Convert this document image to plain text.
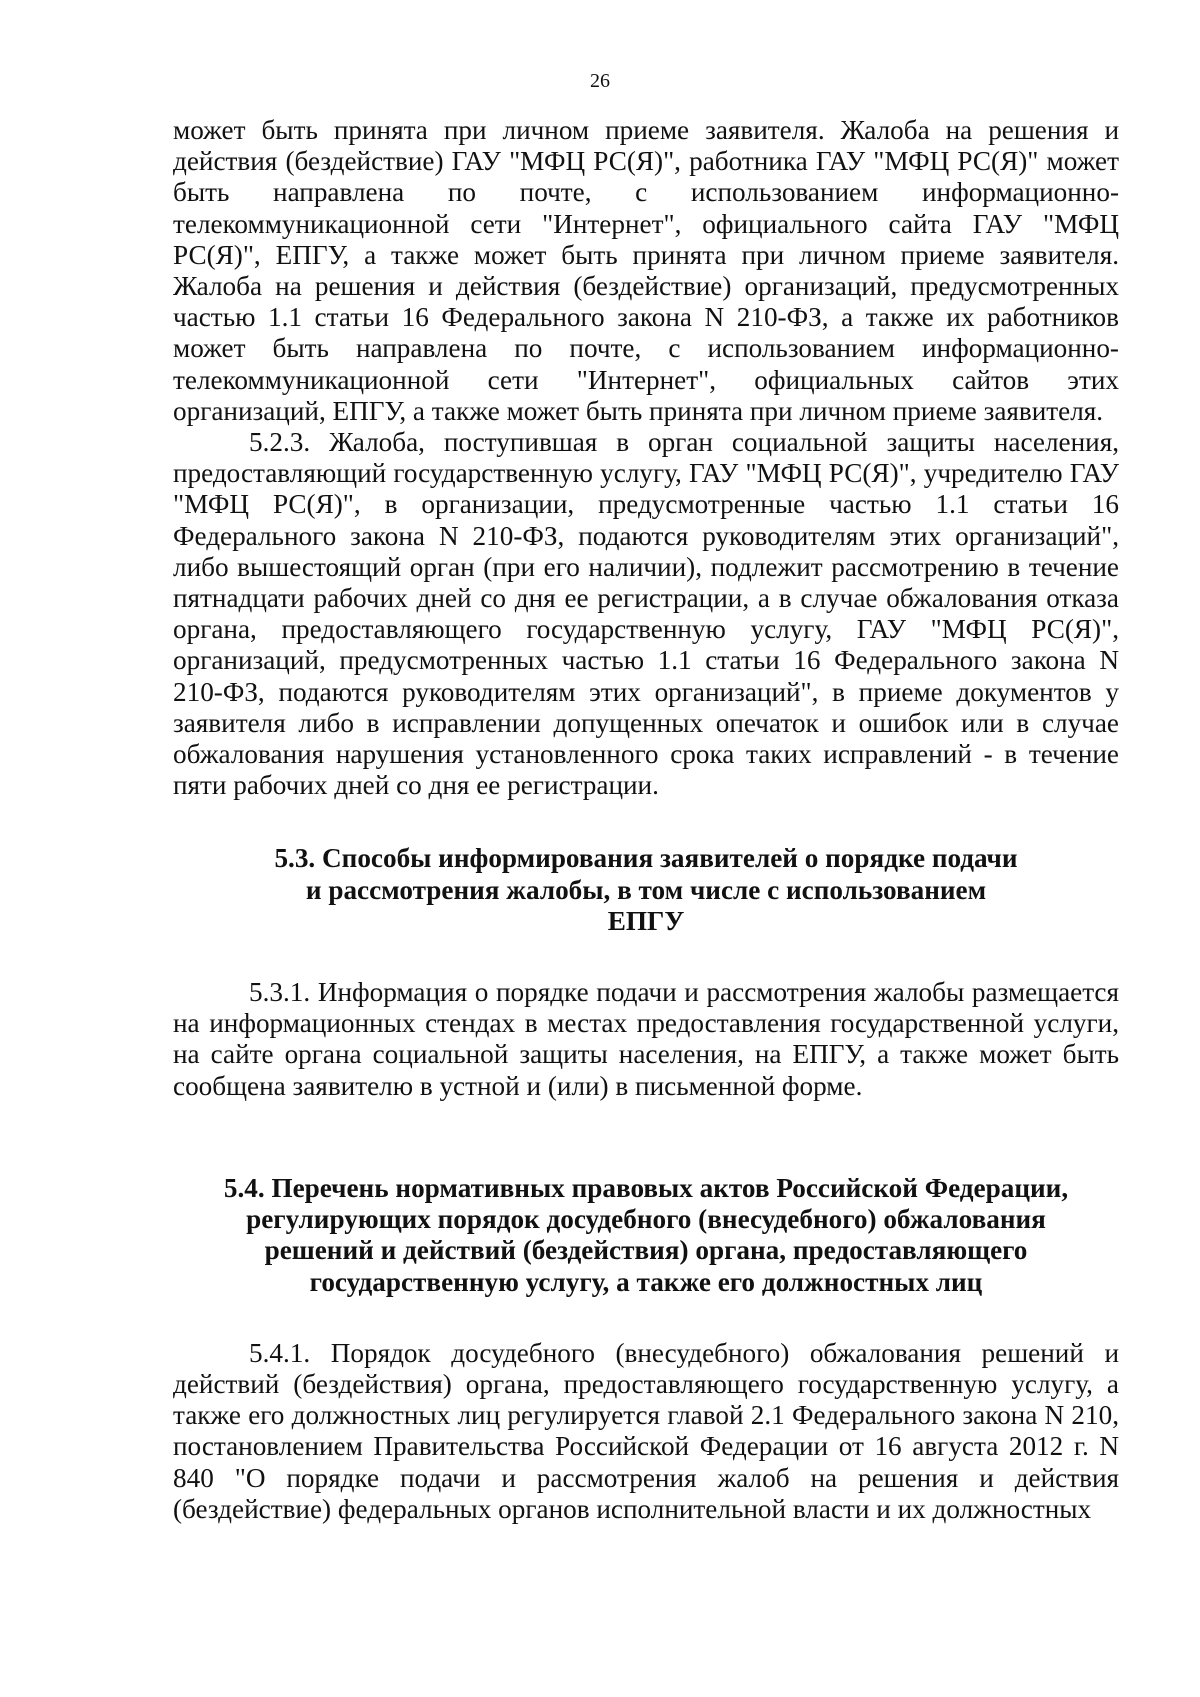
26

может быть принята при личном приеме заявителя. Жалоба на решения и действия (бездействие) ГАУ "МФЦ РС(Я)", работника ГАУ "МФЦ РС(Я)" может быть направлена по почте, с использованием информационно-телекоммуникационной сети "Интернет", официального сайта ГАУ "МФЦ РС(Я)", ЕПГУ, а также может быть принята при личном приеме заявителя. Жалоба на решения и действия (бездействие) организаций, предусмотренных частью 1.1 статьи 16 Федерального закона N 210-ФЗ, а также их работников может быть направлена по почте, с использованием информационно-телекоммуникационной сети "Интернет", официальных сайтов этих организаций, ЕПГУ, а также может быть принята при личном приеме заявителя.

5.2.3. Жалоба, поступившая в орган социальной защиты населения, предоставляющий государственную услугу, ГАУ "МФЦ РС(Я)", учредителю ГАУ "МФЦ РС(Я)", в организации, предусмотренные частью 1.1 статьи 16 Федерального закона N 210-ФЗ, подаются руководителям этих организаций", либо вышестоящий орган (при его наличии), подлежит рассмотрению в течение пятнадцати рабочих дней со дня ее регистрации, а в случае обжалования отказа органа, предоставляющего государственную услугу, ГАУ "МФЦ РС(Я)", организаций, предусмотренных частью 1.1 статьи 16 Федерального закона N 210-ФЗ, подаются руководителям этих организаций", в приеме документов у заявителя либо в исправлении допущенных опечаток и ошибок или в случае обжалования нарушения установленного срока таких исправлений - в течение пяти рабочих дней со дня ее регистрации.

5.3. Способы информирования заявителей о порядке подачи
и рассмотрения жалобы, в том числе с использованием
ЕПГУ

5.3.1. Информация о порядке подачи и рассмотрения жалобы размещается на информационных стендах в местах предоставления государственной услуги, на сайте органа социальной защиты населения, на ЕПГУ, а также может быть сообщена заявителю в устной и (или) в письменной форме.

5.4. Перечень нормативных правовых актов Российской Федерации,
регулирующих порядок досудебного (внесудебного) обжалования
решений и действий (бездействия) органа, предоставляющего
государственную услугу, а также его должностных лиц

5.4.1. Порядок досудебного (внесудебного) обжалования решений и действий (бездействия) органа, предоставляющего государственную услугу, а также его должностных лиц регулируется главой 2.1 Федерального закона N 210, постановлением Правительства Российской Федерации от 16 августа 2012 г. N 840 "О порядке подачи и рассмотрения жалоб на решения и действия (бездействие) федеральных органов исполнительной власти и их должностных
